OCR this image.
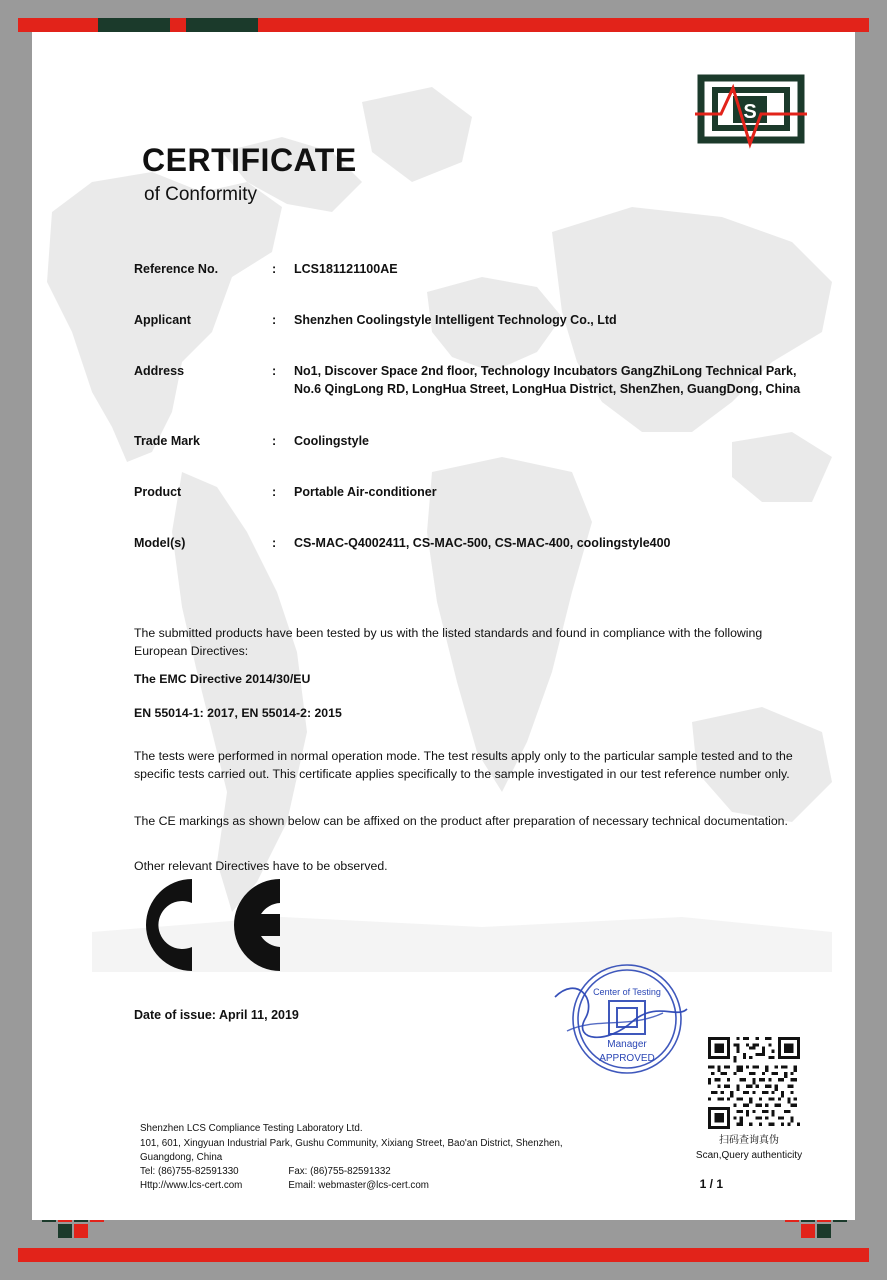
S
CERTIFICATE
of Conformity
Reference No.	:	LCS181121100AE
Applicant	:	Shenzhen Coolingstyle Intelligent Technology Co., Ltd
Address	:	No1, Discover Space 2nd floor, Technology Incubators GangZhiLong Technical Park, No.6 QingLong RD, LongHua Street, LongHua District, ShenZhen, GuangDong, China
Trade Mark	:	Coolingstyle
Product	:	Portable Air-conditioner
Model(s)	:	CS-MAC-Q4002411, CS-MAC-500, CS-MAC-400, coolingstyle400
The submitted products have been tested by us with the listed standards and found in compliance with the following European Directives:
The EMC Directive 2014/30/EU
EN 55014-1: 2017, EN 55014-2: 2015
The tests were performed in normal operation mode. The test results apply only to the particular sample tested and to the specific tests carried out. This certificate applies specifically to the sample investigated in our test reference number only.
The CE markings as shown below can be affixed on the product after preparation of necessary technical documentation.
Other relevant Directives have to be observed.
Date of issue: April 11, 2019
Center of Testing
Manager
APPROVED
扫码查询真伪
Scan,Query authenticity
Shenzhen LCS Compliance Testing Laboratory Ltd.
101, 601, Xingyuan Industrial Park, Gushu Community, Xixiang Street, Bao'an District, Shenzhen,
Guangdong, China
Tel: (86)755-82591330
Http://www.lcs-cert.com
Fax: (86)755-82591332
Email: webmaster@lcs-cert.com	1 / 1
